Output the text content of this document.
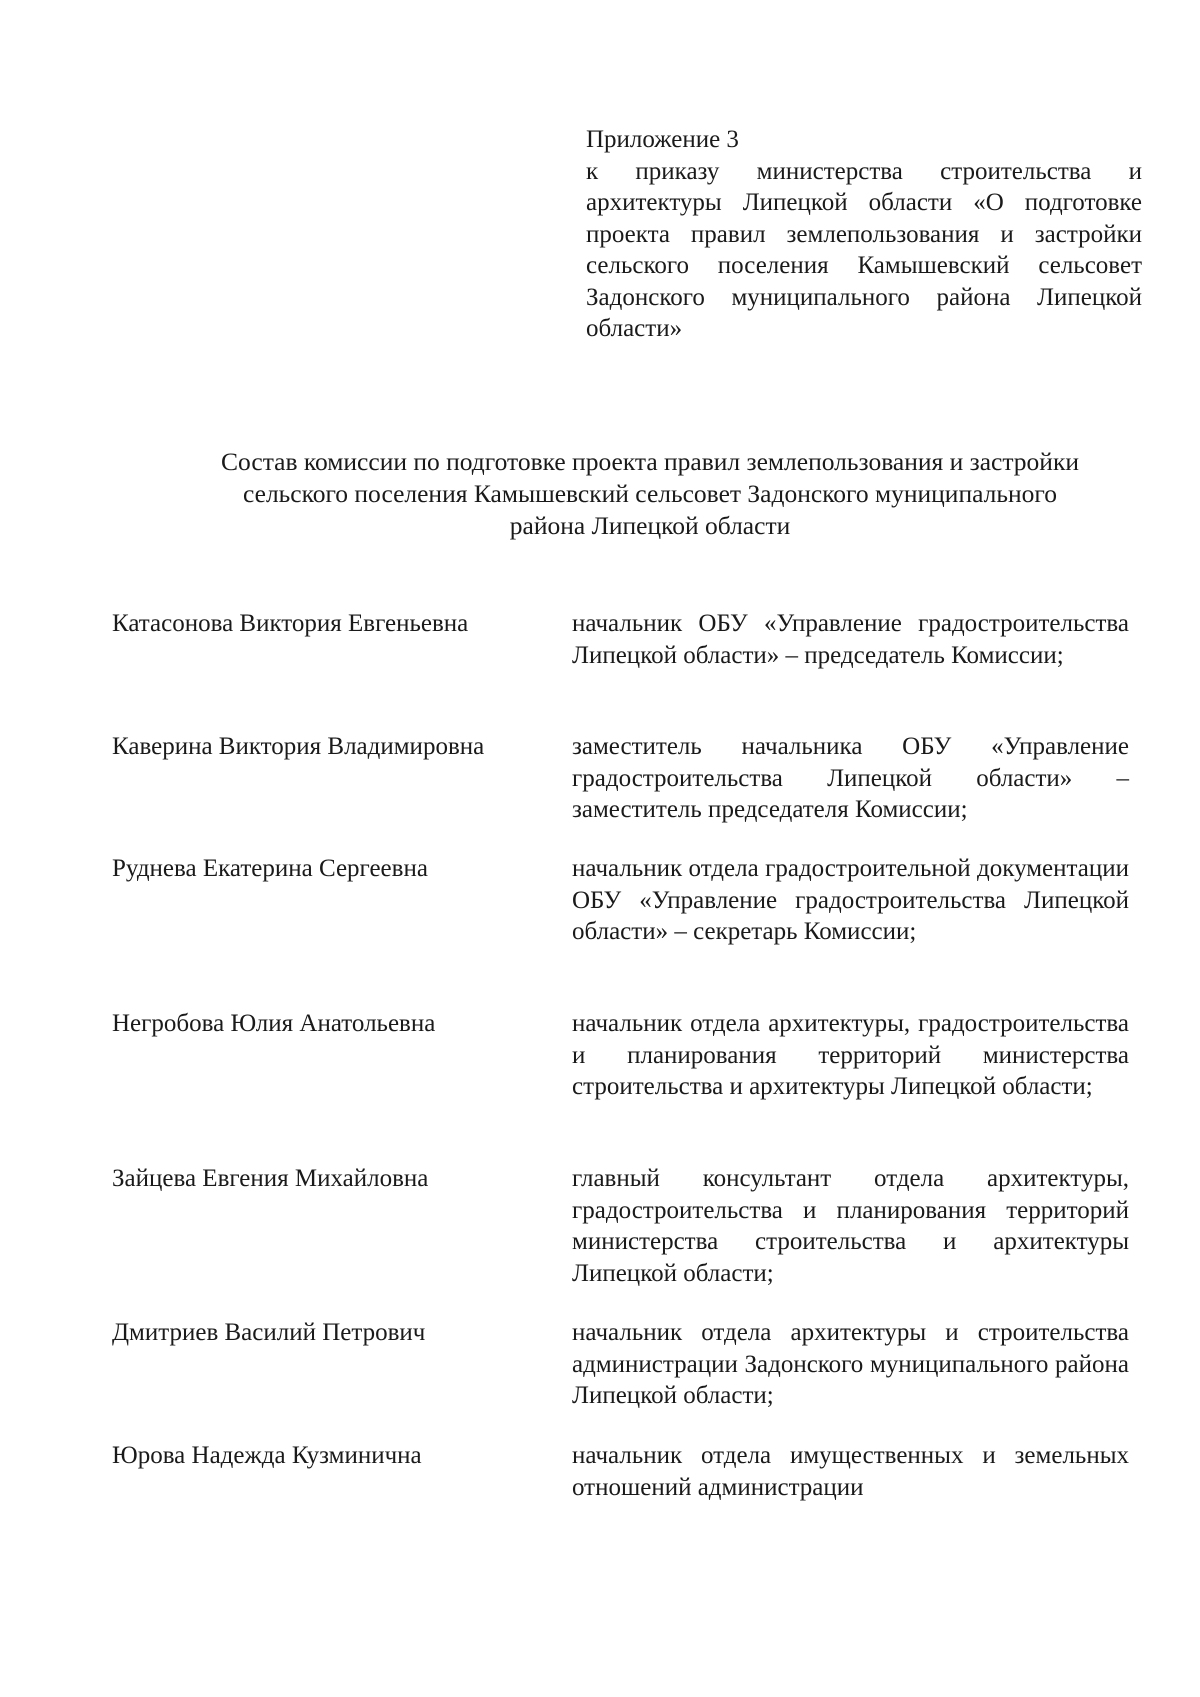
Приложение 3
к приказу министерства строительства и архитектуры Липецкой области «О подготовке проекта правил землепользования и застройки сельского поселения Камышевский сельсовет Задонского муниципального района Липецкой области»
Состав комиссии по подготовке проекта правил землепользования и застройки
сельского поселения Камышевский сельсовет Задонского муниципального
района Липецкой области
Катасонова Виктория Евгеньевна	начальник ОБУ «Управление градостроительства Липецкой области» – председатель Комиссии;
Каверина Виктория Владимировна	заместитель начальника ОБУ «Управление градостроительства Липецкой области» – заместитель председателя Комиссии;
Руднева Екатерина Сергеевна	начальник отдела градостроительной документации ОБУ «Управление градостроительства Липецкой области» – секретарь Комиссии;
Негробова Юлия Анатольевна	начальник отдела архитектуры, градостроительства и планирования территорий министерства строительства и архитектуры Липецкой области;
Зайцева Евгения Михайловна	главный консультант отдела архитектуры, градостроительства и планирования территорий министерства строительства и архитектуры Липецкой области;
Дмитриев Василий Петрович	начальник отдела архитектуры и строительства администрации Задонского муниципального района Липецкой области;
Юрова Надежда Кузминична	начальник отдела имущественных и земельных отношений администрации
